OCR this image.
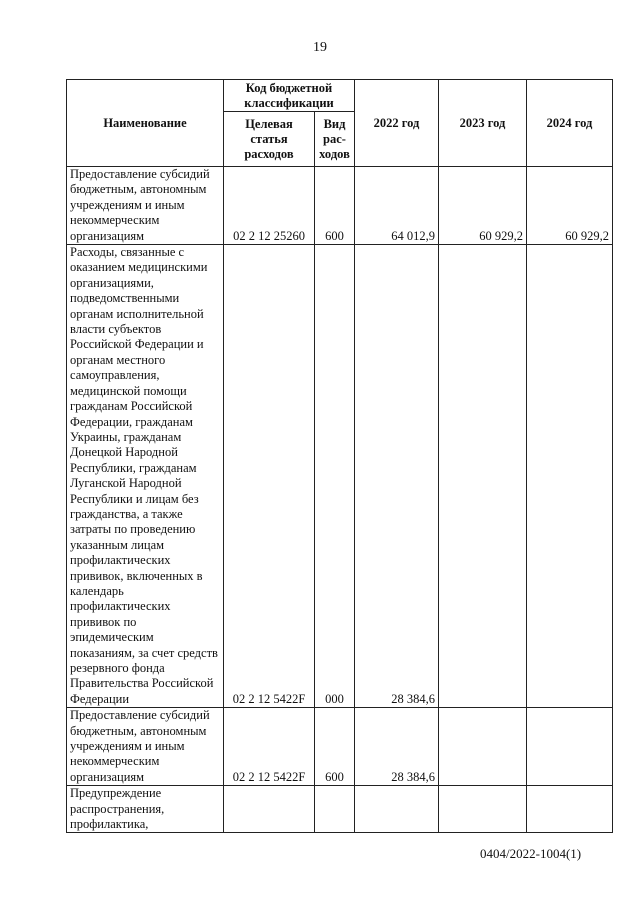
19
Наименование	Код бюджетной классификации		2022 год	2023 год	2024 год
	Целевая статья расходов	Вид рас-ходов			
Предоставление субсидий бюджетным, автономным учреждениям и иным некоммерческим организациям	02 2 12 25260	600	64 012,9	60 929,2	60 929,2
Расходы, связанные с оказанием медицинскими организациями, подведомственными органам исполнительной власти субъектов Российской Федерации и органам местного самоуправления, медицинской помощи гражданам Российской Федерации, гражданам Украины, гражданам Донецкой Народной Республики, гражданам Луганской Народной Республики и лицам без гражданства, а также затраты по проведению указанным лицам профилактических прививок, включенных в календарь профилактических прививок по эпидемическим показаниям, за счет средств резервного фонда Правительства Российской Федерации	02 2 12 5422F	000	28 384,6		
Предоставление субсидий бюджетным, автономным учреждениям и иным некоммерческим организациям	02 2 12 5422F	600	28 384,6		
Предупреждение распространения, профилактика,					
0404/2022-1004(1)
